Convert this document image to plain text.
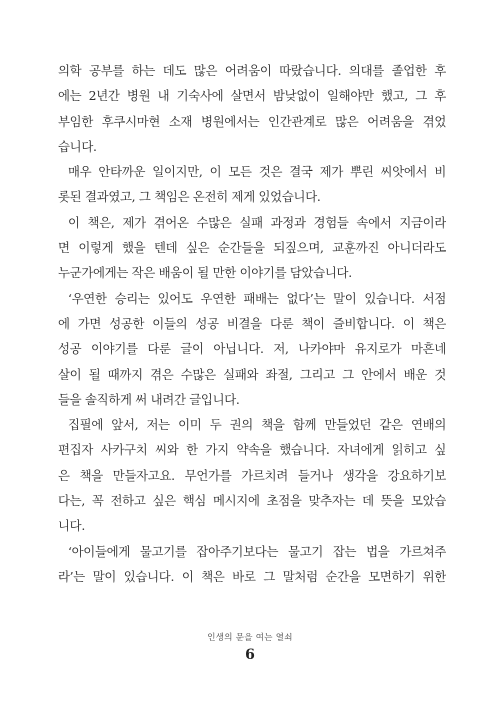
의학 공부를 하는 데도 많은 어려움이 따랐습니다. 의대를 졸업한 후
에는 2년간 병원 내 기숙사에 살면서 밤낮없이 일해야만 했고, 그 후
부임한 후쿠시마현 소재 병원에서는 인간관계로 많은 어려움을 겪었
습니다.
매우 안타까운 일이지만, 이 모든 것은 결국 제가 뿌린 씨앗에서 비
롯된 결과였고, 그 책임은 온전히 제게 있었습니다.
이 책은, 제가 겪어온 수많은 실패 과정과 경험들 속에서 지금이라
면 이렇게 했을 텐데 싶은 순간들을 되짚으며, 교훈까진 아니더라도
누군가에게는 작은 배움이 될 만한 이야기를 담았습니다.
‘우연한 승리는 있어도 우연한 패배는 없다’는 말이 있습니다. 서점
에 가면 성공한 이들의 성공 비결을 다룬 책이 즐비합니다. 이 책은
성공 이야기를 다룬 글이 아닙니다. 저, 나카야마 유지로가 마흔네
살이 될 때까지 겪은 수많은 실패와 좌절, 그리고 그 안에서 배운 것
들을 솔직하게 써 내려간 글입니다.
집필에 앞서, 저는 이미 두 권의 책을 함께 만들었던 같은 연배의
편집자 사카구치 씨와 한 가지 약속을 했습니다. 자녀에게 읽히고 싶
은 책을 만들자고요. 무언가를 가르치려 들거나 생각을 강요하기보
다는, 꼭 전하고 싶은 핵심 메시지에 초점을 맞추자는 데 뜻을 모았습
니다.
‘아이들에게 물고기를 잡아주기보다는 물고기 잡는 법을 가르쳐주
라’는 말이 있습니다. 이 책은 바로 그 말처럼 순간을 모면하기 위한
인생의 문을 여는 열쇠
6
